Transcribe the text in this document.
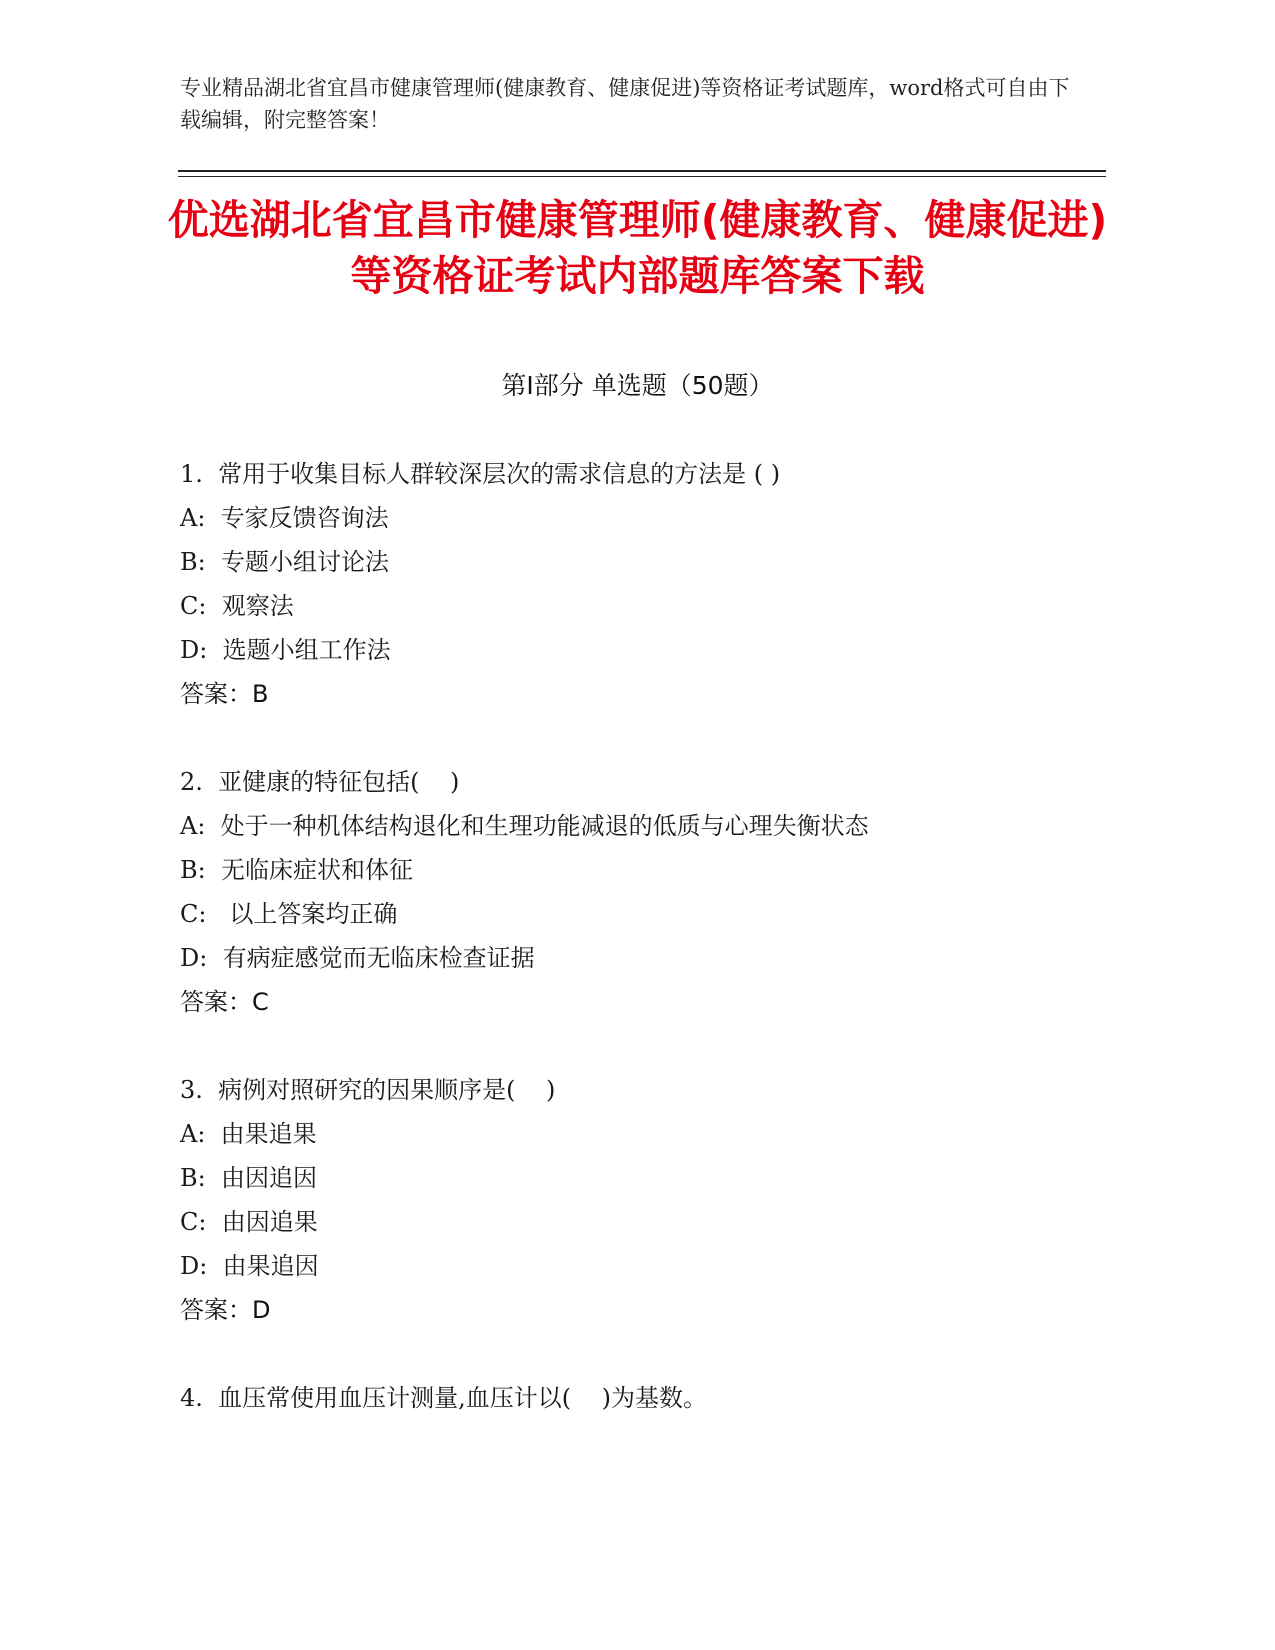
专业精品湖北省宜昌市健康管理师(健康教育、健康促进)等资格证考试题库，word格式可自由下载编辑，附完整答案！
优选湖北省宜昌市健康管理师(健康教育、健康促进)等资格证考试内部题库答案下载
第Ⅰ部分 单选题（50题）
1.  常用于收集目标人群较深层次的需求信息的方法是 ( )
A:  专家反馈咨询法
B:  专题小组讨论法
C:  观察法
D:  选题小组工作法
答案：B
2.  亚健康的特征包括(    )
A:  处于一种机体结构退化和生理功能减退的低质与心理失衡状态
B:  无临床症状和体征
C:   以上答案均正确
D:  有病症感觉而无临床检查证据
答案：C
3.  病例对照研究的因果顺序是(    )
A:  由果追果
B:  由因追因
C:  由因追果
D:  由果追因
答案：D
4.  血压常使用血压计测量,血压计以(    )为基数。
